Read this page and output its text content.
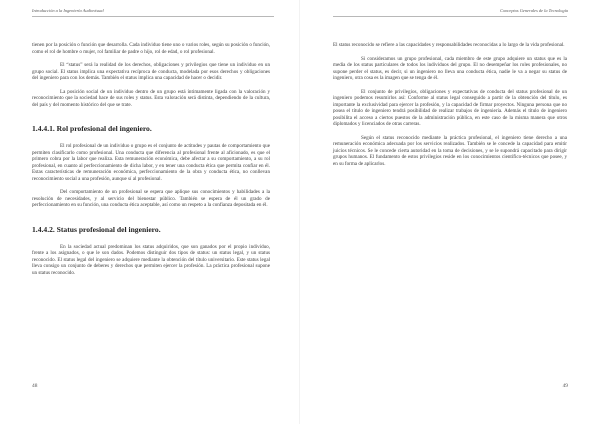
Introducción a la Ingeniería Audiovisual

tienen por la posición o función que desarrolla. Cada individuo tiene uno o varios roles, según su posición o función, como el rol de hombre o mujer, rol familiar de padre o hijo, rol de edad, o rol profesional.

El “status” será la realidad de los derechos, obligaciones y privilegios que tiene un individuo en un grupo social. El status implica una expectativa recíproca de conducta, modelada por esos derechos y obligaciones del ingeniero para con los demás. También el status implica una capacidad de hacer o decidir.

La posición social de un individuo dentro de un grupo está íntimamente ligada con la valoración y reconocimiento que la sociedad hace de sus roles y status. Esta valoración será distinta, dependiendo de la cultura, del país y del momento histórico del que se trate.

1.4.4.1. Rol profesional del ingeniero.

El rol profesional de un individuo o grupo es el conjunto de actitudes y pautas de comportamiento que permiten clasificarlo como profesional. Una conducta que diferencia al profesional frente al aficionado, es que el primero cobra por la labor que realiza. Esta remuneración económica, debe afectar a su comportamiento, a su rol profesional, en cuanto al perfeccionamiento de dicha labor, y en tener una conducta ética que permita confiar en él. Estas características de remuneración económica, perfeccionamiento de la obra y conducta ética, no conllevan reconocimiento social a una profesión, aunque sí al profesional.

Del comportamiento de un profesional se espera que aplique sus conocimientos y habilidades a la resolución de necesidades, y al servicio del bienestar público. También se espera de él un grado de perfeccionamiento en su función, una conducta ética aceptable, así como un respeto a la confianza depositada en él.

1.4.4.2. Status profesional del ingeniero.

En la sociedad actual predominan los status adquiridos, que son ganados por el propio individuo, frente a los asignados, o que le son dados. Podemos distinguir dos tipos de status: un status legal, y un status reconocido. El status legal del ingeniero se adquiere mediante la obtención del título universitario. Este status legal lleva consigo un conjunto de deberes y derechos que permiten ejercer la profesión. La práctica profesional supone un status reconocido.

48
Conceptos Generales de la Tecnología

El status reconocido se refiere a las capacidades y responsabilidades reconocidas a lo largo de la vida profesional.

Si consideramos un grupo profesional, cada miembro de este grupo adquiere un status que es la media de los status particulares de todos los individuos del grupo. El no desempeñar los roles profesionales, no supone perder el status, es decir, si un ingeniero no lleva una conducta ética, nadie le va a negar su status de ingeniero, otra cosa es la imagen que se tenga de él.

El conjunto de privilegios, obligaciones y expectativas de conducta del status profesional de un ingeniero podemos resumirlos así: Conforme al status legal conseguido a partir de la obtención del título, es importante la exclusividad para ejercer la profesión, y la capacidad de firmar proyectos. Ninguna persona que no posea el título de ingeniero tendrá posibilidad de realizar trabajos de ingeniería. Además el título de ingeniero posibilita el acceso a ciertos puestos de la administración pública, en este caso de la misma manera que otros diplomados y licenciados de otras carreras.

Según el status reconocido mediante la práctica profesional, el ingeniero tiene derecho a una remuneración económica adecuada por los servicios realizados. También se le concede la capacidad para emitir juicios técnicos. Se le concede cierta autoridad en la toma de decisiones, y se le supondrá capacitado para dirigir grupos humanos. El fundamento de estos privilegios reside en los conocimientos científico-técnicos que posee, y en su forma de aplicarlos.

49
